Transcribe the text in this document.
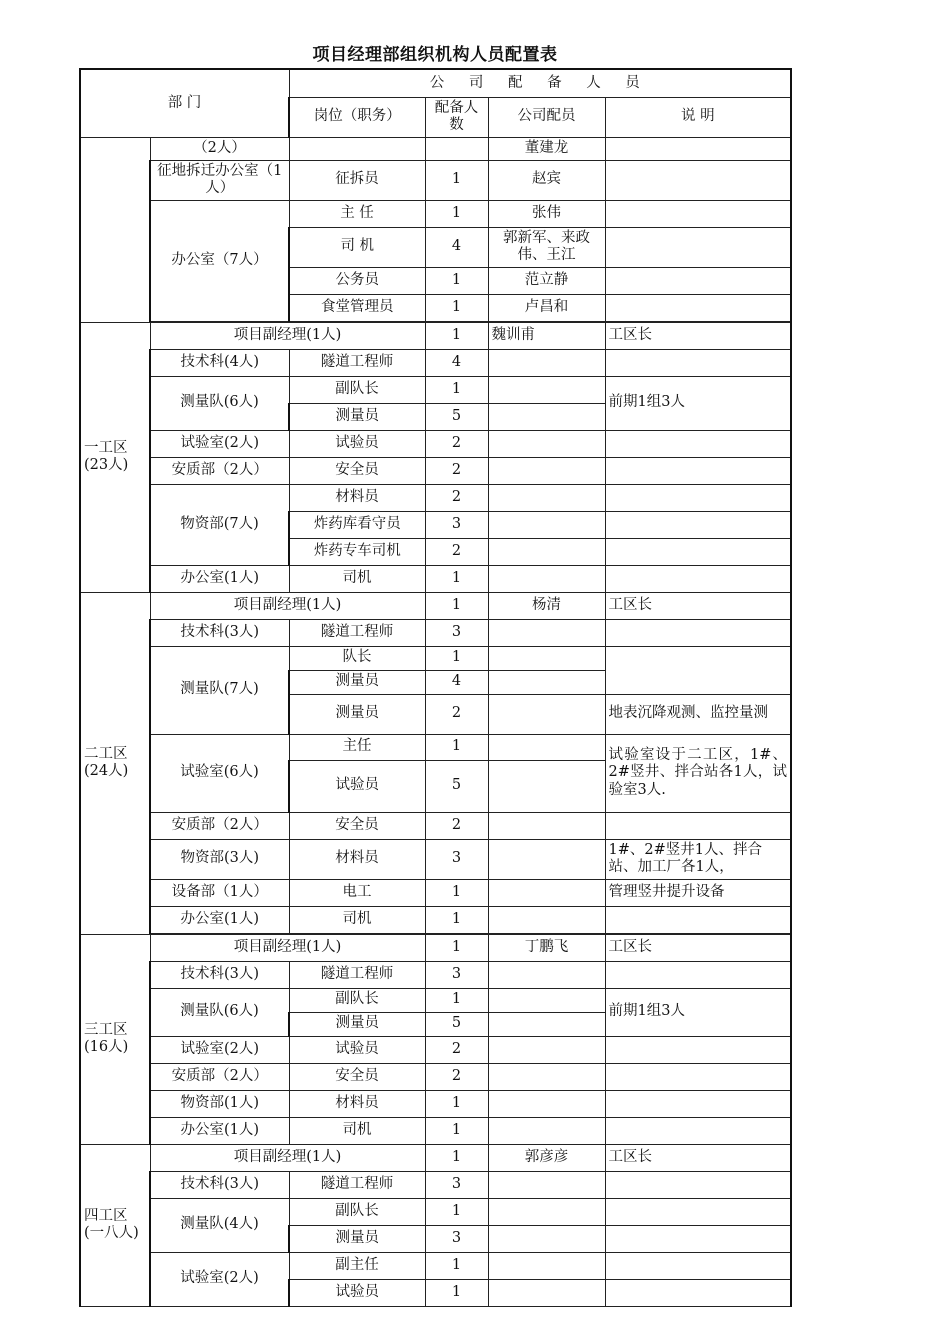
项目经理部组织机构人员配置表
部 门		公 司 配 备 人 员			
		岗位（职务）	配备人数	公司配员	说 明
	（2人）			董建龙	
	征地拆迁办公室（1人）	征拆员	1	赵宾	
	办公室（7人）	主 任	1	张伟	
		司 机	4	郭新军、来政伟、王江	
		公务员	1	范立静	
		食堂管理员	1	卢昌和	

一工区(23人)	项目副经理(1人)		1	魏训甫	工区长
	技术科(4人)	隧道工程师	4		
	测量队(6人)	副队长	1		前期1组3人
		测量员	5		
	试验室(2人)	试验员	2		
	安质部（2人）	安全员	2		
	物资部(7人)	材料员	2		
		炸药库看守员	3		
		炸药专车司机	2		
	办公室(1人)	司机	1		
二工区(24人)	项目副经理(1人)		1	杨清	工区长
	技术科(3人)	隧道工程师	3		
	测量队(7人)	队长	1		
		测量员	4		
		测量员	2		地表沉降观测、监控量测
	试验室(6人)	主任	1		试验室设于二工区，1#、2#竖井、拌合站各1人，试验室3人.
		试验员	5		
	安质部（2人）	安全员	2		
	物资部(3人)	材料员	3		1#、2#竖井1人、拌合站、加工厂各1人，
	设备部（1人）	电工	1		管理竖井提升设备
	办公室(1人)	司机	1		

三工区(16人)	项目副经理(1人)		1	丁鹏飞	工区长
	技术科(3人)	隧道工程师	3		
	测量队(6人)	副队长	1		前期1组3人
		测量员	5		
	试验室(2人)	试验员	2		
	安质部（2人）	安全员	2		
	物资部(1人)	材料员	1		
	办公室(1人)	司机	1		
四工区(一八人)	项目副经理(1人)		1	郭彦彦	工区长
	技术科(3人)	隧道工程师	3		
	测量队(4人)	副队长	1		
		测量员	3		
	试验室(2人)	副主任	1		
		试验员	1		
